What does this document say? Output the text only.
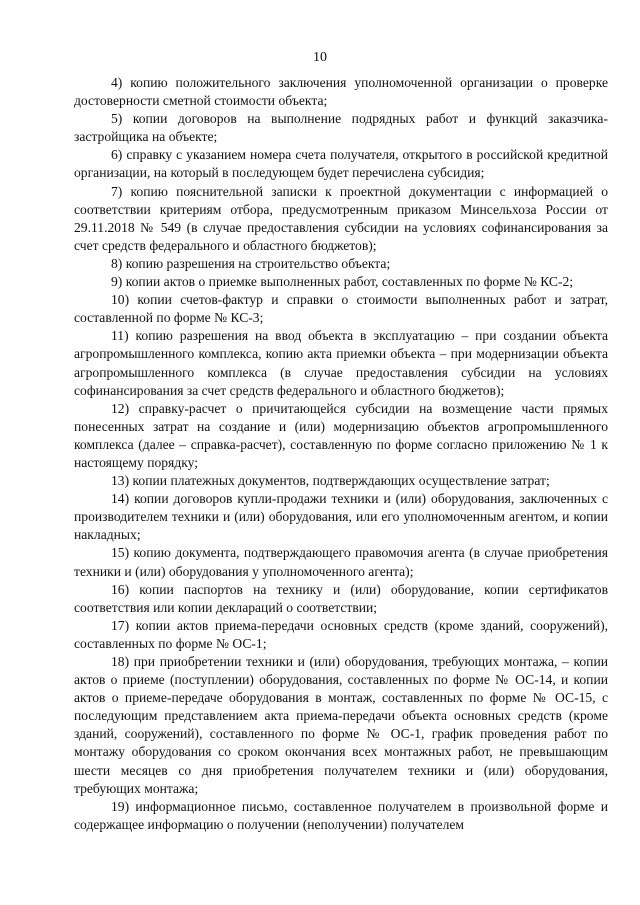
10

4) копию положительного заключения уполномоченной организации о проверке достоверности сметной стоимости объекта;

5) копии договоров на выполнение подрядных работ и функций заказчика-застройщика на объекте;

6) справку с указанием номера счета получателя, открытого в российской кредитной организации, на который в последующем будет перечислена субсидия;

7) копию пояснительной записки к проектной документации с информацией о соответствии критериям отбора, предусмотренным приказом Минсельхоза России от 29.11.2018 № 549 (в случае предоставления субсидии на условиях софинансирования за счет средств федерального и областного бюджетов);

8) копию разрешения на строительство объекта;

9) копии актов о приемке выполненных работ, составленных по форме № КС-2;

10) копии счетов-фактур и справки о стоимости выполненных работ и затрат, составленной по форме № КС-3;

11) копию разрешения на ввод объекта в эксплуатацию – при создании объекта агропромышленного комплекса, копию акта приемки объекта – при модернизации объекта агропромышленного комплекса (в случае предоставления субсидии на условиях софинансирования за счет средств федерального и областного бюджетов);

12) справку-расчет о причитающейся субсидии на возмещение части прямых понесенных затрат на создание и (или) модернизацию объектов агропромышленного комплекса (далее – справка-расчет), составленную по форме согласно приложению № 1 к настоящему порядку;

13) копии платежных документов, подтверждающих осуществление затрат;

14) копии договоров купли-продажи техники и (или) оборудования, заключенных с производителем техники и (или) оборудования, или его уполномоченным агентом, и копии накладных;

15) копию документа, подтверждающего правомочия агента (в случае приобретения техники и (или) оборудования у уполномоченного агента);

16) копии паспортов на технику и (или) оборудование, копии сертификатов соответствия или копии деклараций о соответствии;

17) копии актов приема-передачи основных средств (кроме зданий, сооружений), составленных по форме № ОС-1;

18) при приобретении техники и (или) оборудования, требующих монтажа, – копии актов о приеме (поступлении) оборудования, составленных по форме № ОС-14, и копии актов о приеме-передаче оборудования в монтаж, составленных по форме № ОС-15, с последующим представлением акта приема-передачи объекта основных средств (кроме зданий, сооружений), составленного по форме № ОС-1, график проведения работ по монтажу оборудования со сроком окончания всех монтажных работ, не превышающим шести месяцев со дня приобретения получателем техники и (или) оборудования, требующих монтажа;

19) информационное письмо, составленное получателем в произвольной форме и содержащее информацию о получении (неполучении) получателем
